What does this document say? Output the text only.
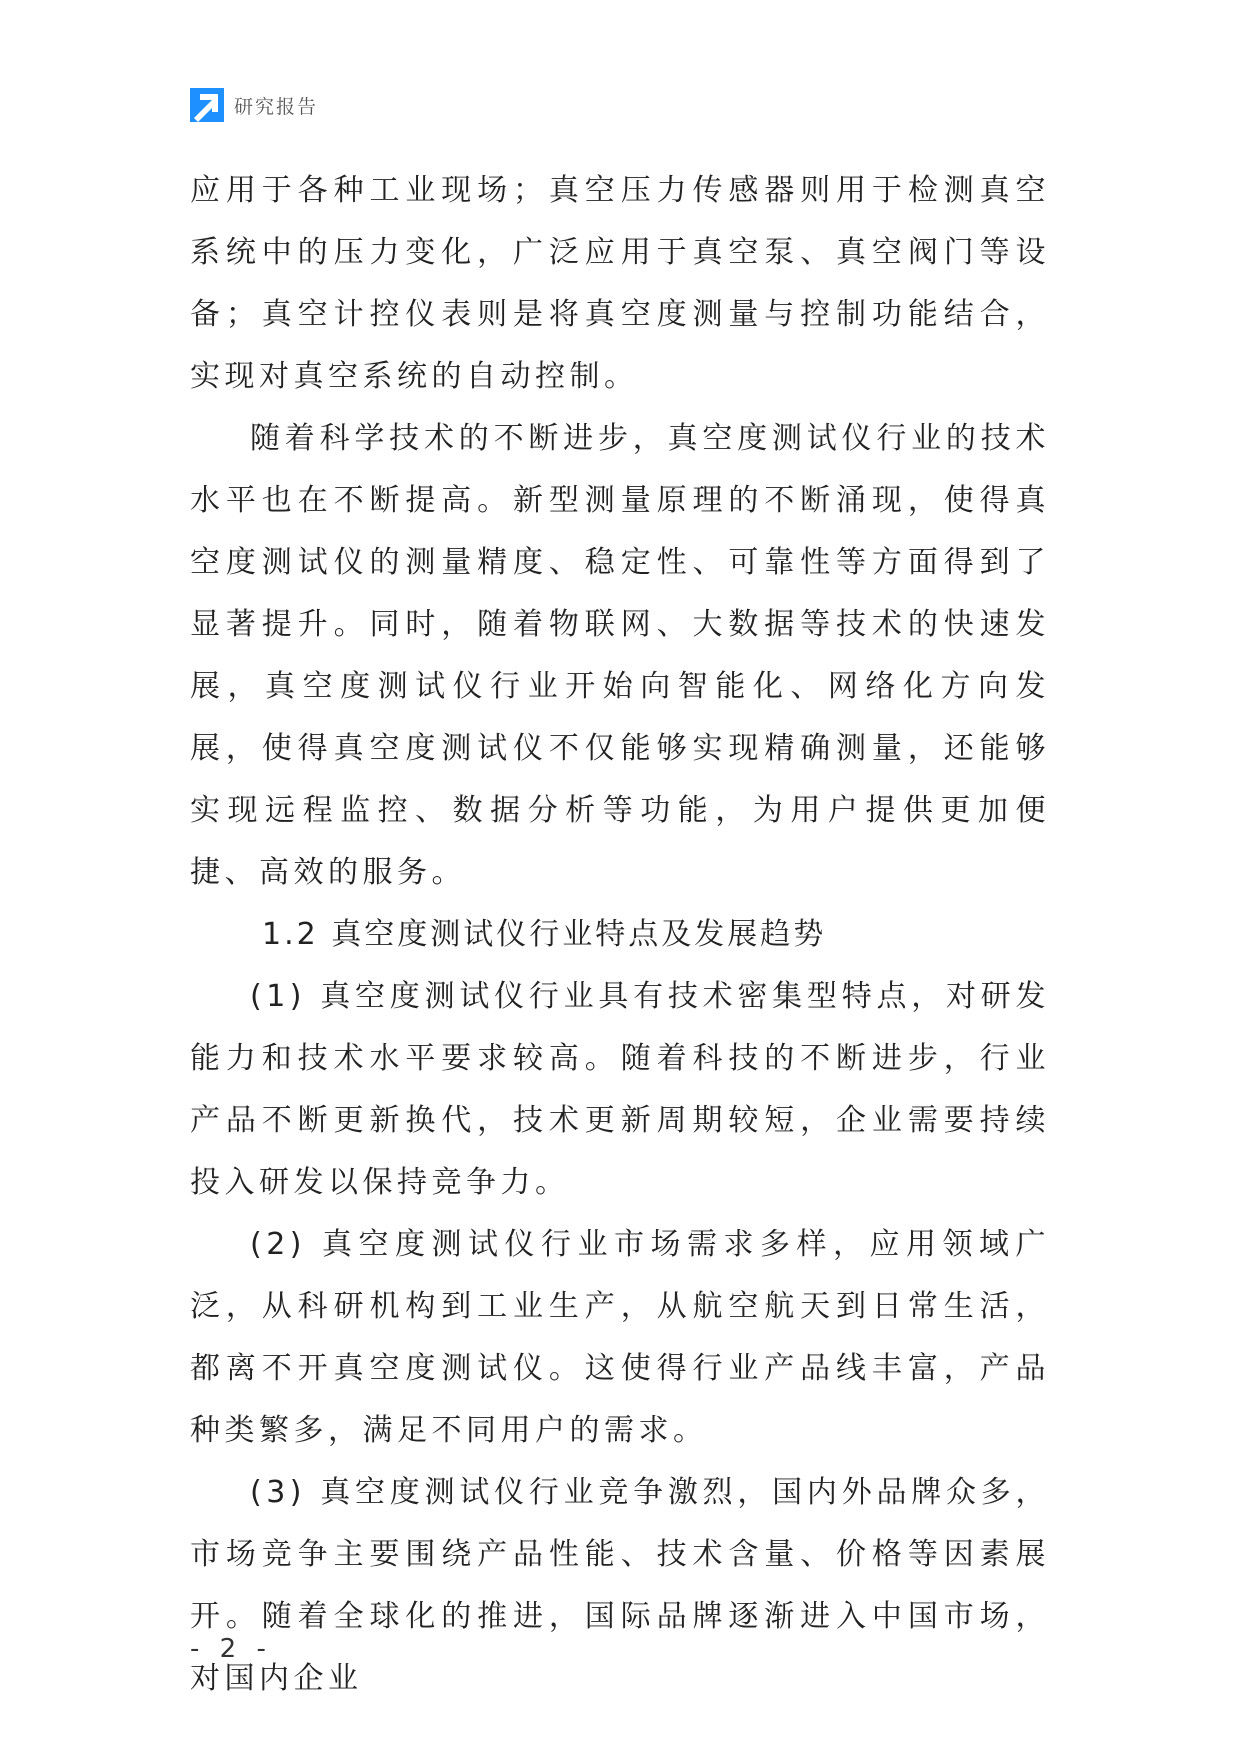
研究报告

应用于各种工业现场；真空压力传感器则用于检测真空系统中的压力变化，广泛应用于真空泵、真空阀门等设备；真空计控仪表则是将真空度测量与控制功能结合，实现对真空系统的自动控制。

随着科学技术的不断进步，真空度测试仪行业的技术水平也在不断提高。新型测量原理的不断涌现，使得真空度测试仪的测量精度、稳定性、可靠性等方面得到了显著提升。同时，随着物联网、大数据等技术的快速发展，真空度测试仪行业开始向智能化、网络化方向发展，使得真空度测试仪不仅能够实现精确测量，还能够实现远程监控、数据分析等功能，为用户提供更加便捷、高效的服务。

1.2 真空度测试仪行业特点及发展趋势

(1) 真空度测试仪行业具有技术密集型特点，对研发能力和技术水平要求较高。随着科技的不断进步，行业产品不断更新换代，技术更新周期较短，企业需要持续投入研发以保持竞争力。

(2) 真空度测试仪行业市场需求多样，应用领域广泛，从科研机构到工业生产，从航空航天到日常生活，都离不开真空度测试仪。这使得行业产品线丰富，产品种类繁多，满足不同用户的需求。

(3) 真空度测试仪行业竞争激烈，国内外品牌众多，市场竞争主要围绕产品性能、技术含量、价格等因素展开。随着全球化的推进，国际品牌逐渐进入中国市场，对国内企业

- 2 -
